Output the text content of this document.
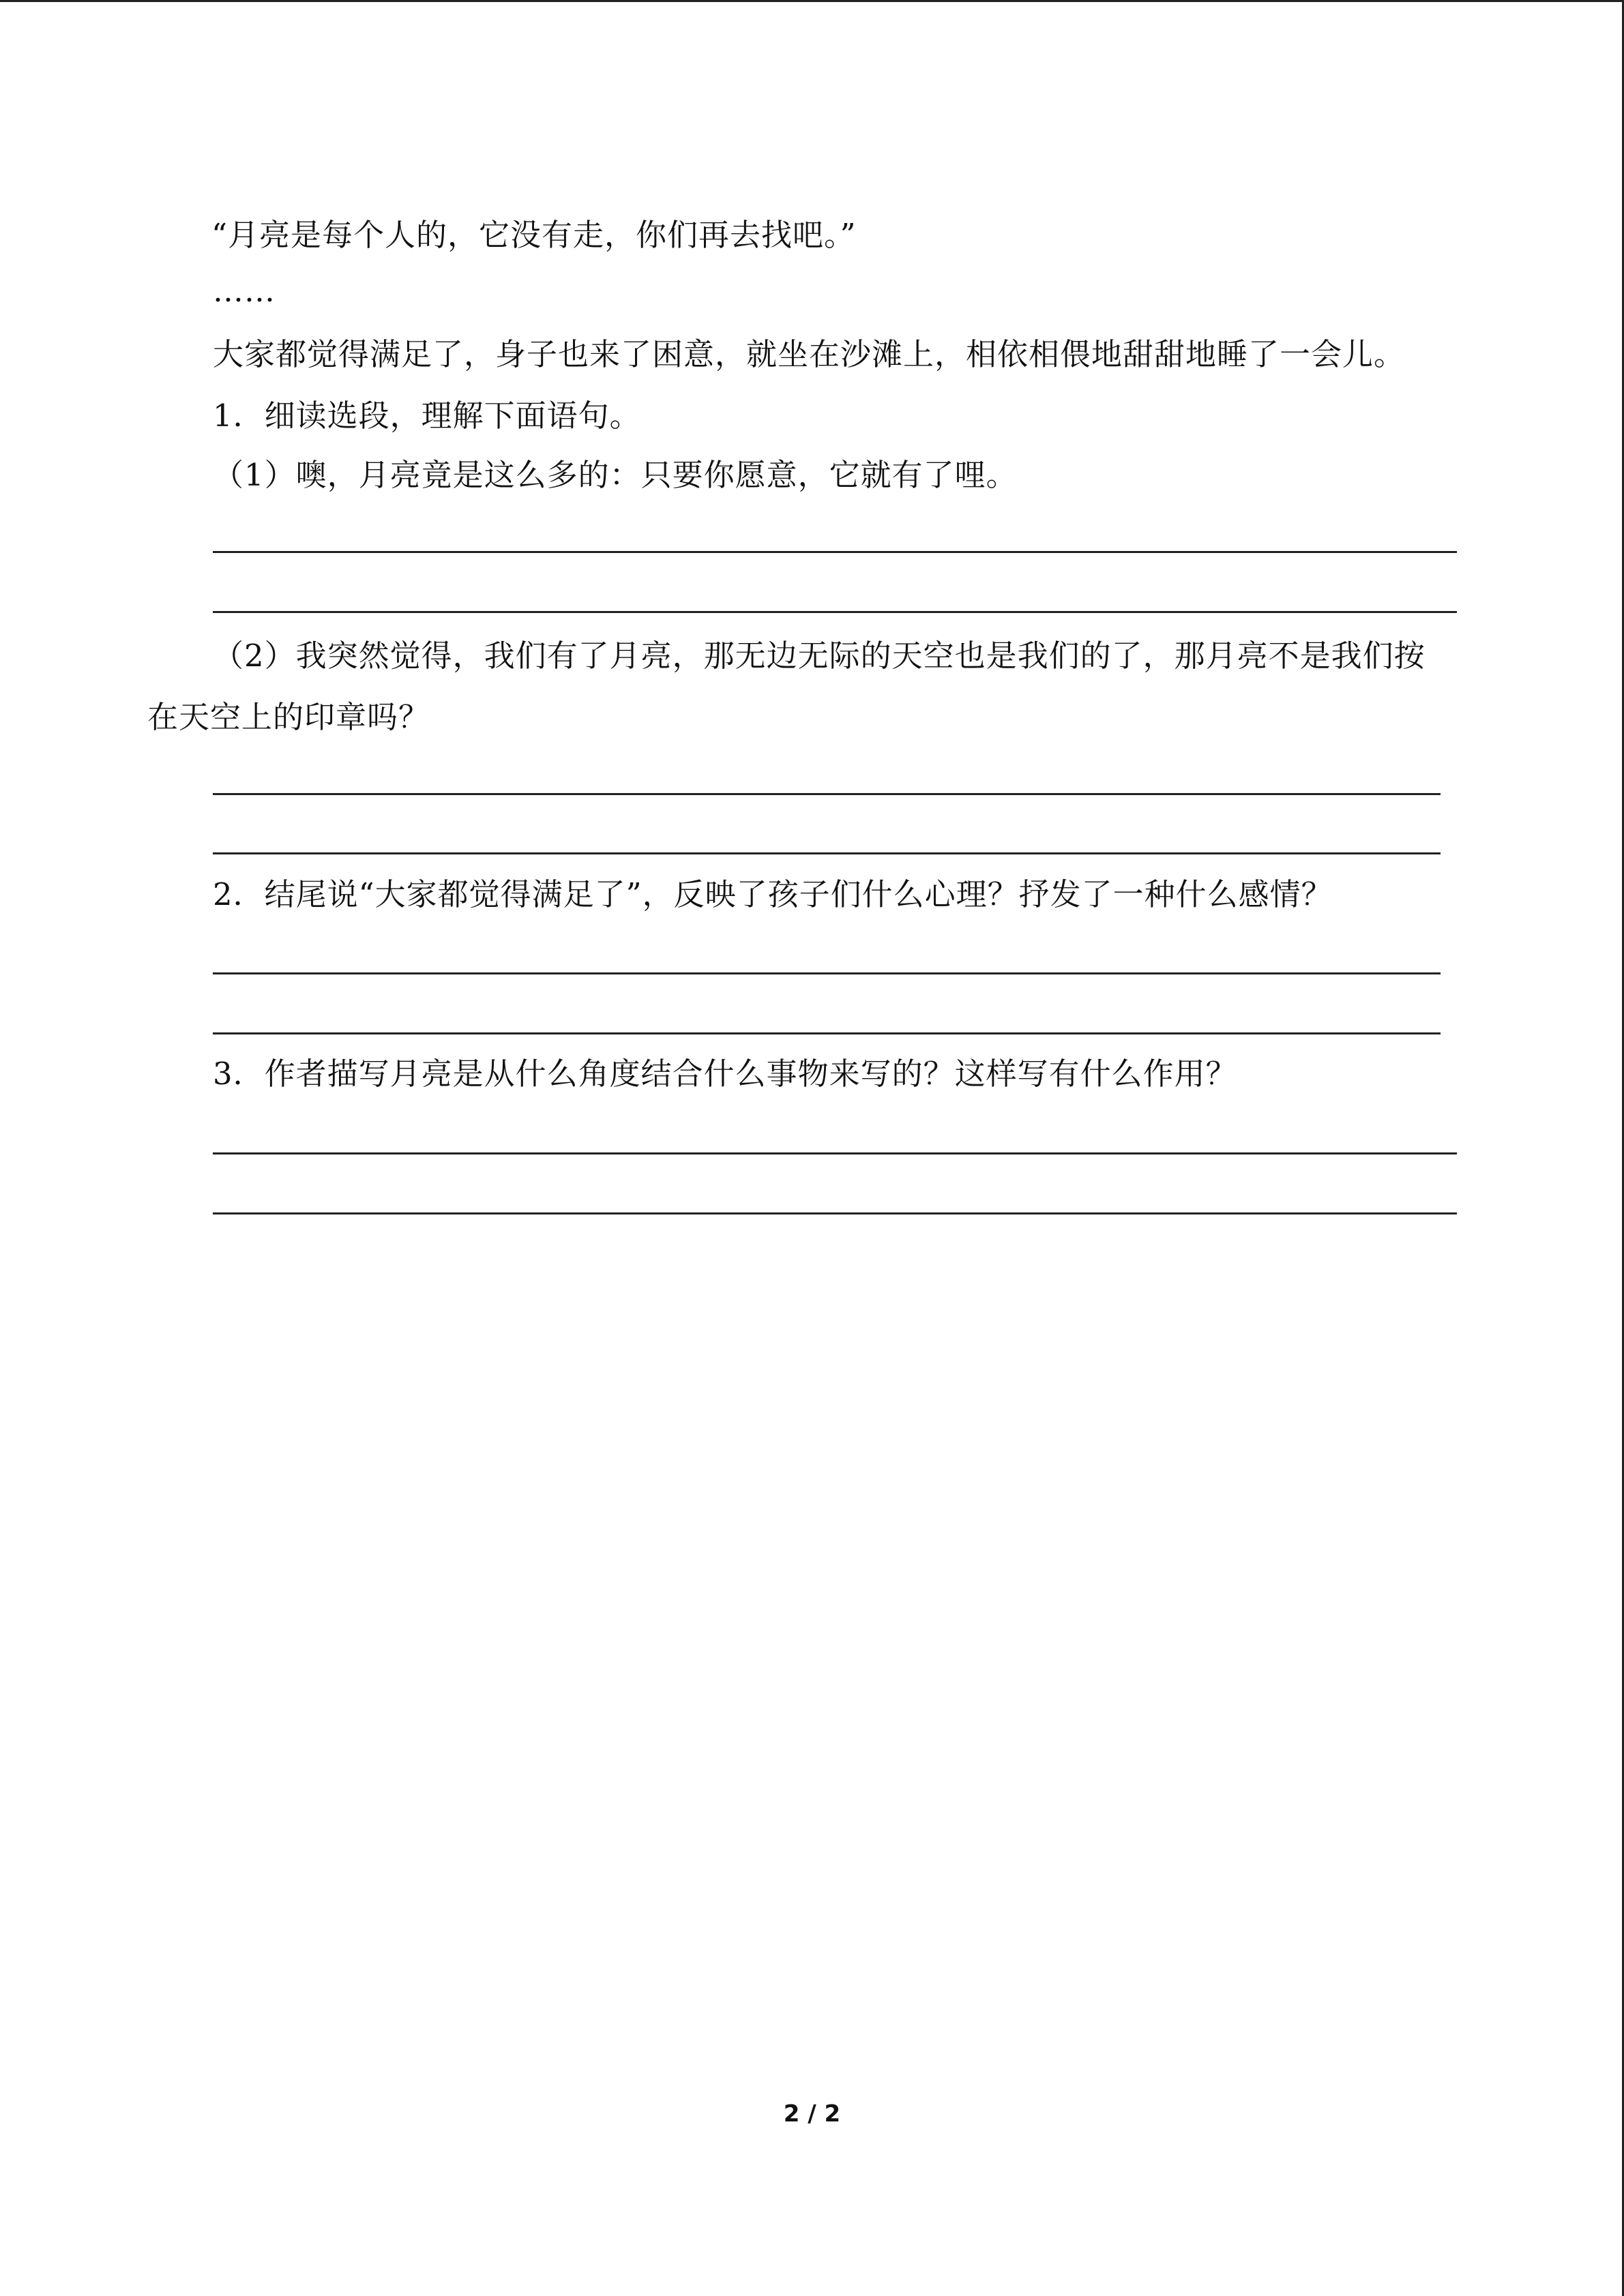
“月亮是每个人的，它没有走，你们再去找吧。”
……
大家都觉得满足了，身子也来了困意，就坐在沙滩上，相依相偎地甜甜地睡了一会儿。
1．细读选段，理解下面语句。
（1）噢，月亮竟是这么多的：只要你愿意，它就有了哩。
（2）我突然觉得，我们有了月亮，那无边无际的天空也是我们的了，那月亮不是我们按
在天空上的印章吗？
2．结尾说“大家都觉得满足了”，反映了孩子们什么心理？抒发了一种什么感情？
3．作者描写月亮是从什么角度结合什么事物来写的？这样写有什么作用？
2 / 2
